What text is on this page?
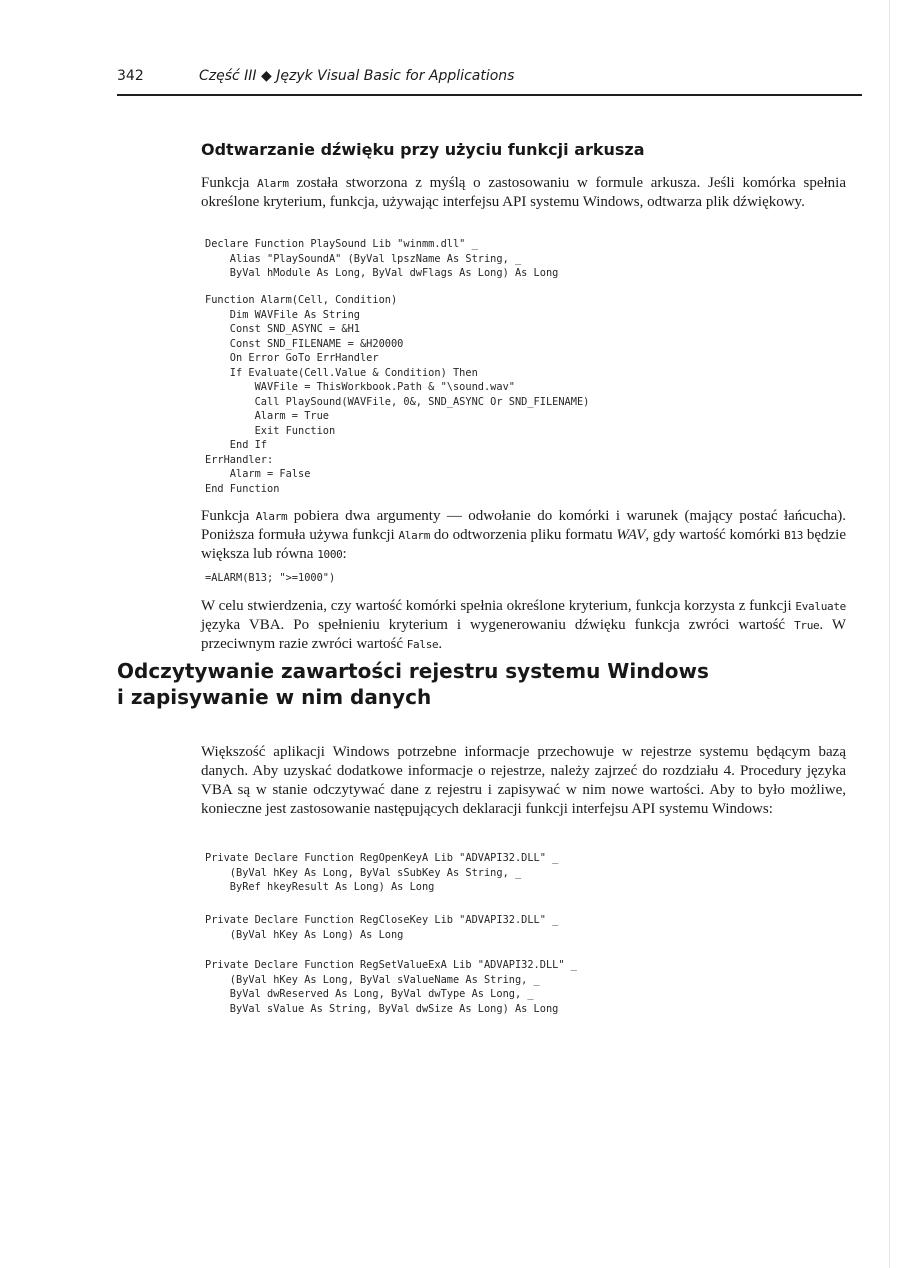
342	Część III ◆ Język Visual Basic for Applications
Odtwarzanie dźwięku przy użyciu funkcji arkusza

Funkcja Alarm została stworzona z myślą o zastosowaniu w formule arkusza. Jeśli komórka spełnia określone kryterium, funkcja, używając interfejsu API systemu Windows, odtwarza plik dźwiękowy.

Declare Function PlaySound Lib "winmm.dll" _
Alias "PlaySoundA" (ByVal lpszName As String, _
ByVal hModule As Long, ByVal dwFlags As Long) As Long
Function Alarm(Cell, Condition)
Dim WAVFile As String
Const SND_ASYNC = &H1
Const SND_FILENAME = &H20000
On Error GoTo ErrHandler
If Evaluate(Cell.Value & Condition) Then
WAVFile = ThisWorkbook.Path & "\sound.wav"
Call PlaySound(WAVFile, 0&, SND_ASYNC Or SND_FILENAME)
Alarm = True
Exit Function
End If
ErrHandler:
Alarm = False
End Function

Funkcja Alarm pobiera dwa argumenty — odwołanie do komórki i warunek (mający postać łańcucha). Poniższa formuła używa funkcji Alarm do odtworzenia pliku formatu WAV, gdy wartość komórki B13 będzie większa lub równa 1000:

=ALARM(B13; ">=1000")

W celu stwierdzenia, czy wartość komórki spełnia określone kryterium, funkcja korzysta z funkcji Evaluate języka VBA. Po spełnieniu kryterium i wygenerowaniu dźwięku funkcja zwróci wartość True. W przeciwnym razie zwróci wartość False.

Odczytywanie zawartości rejestru systemu Windows
i zapisywanie w nim danych

Większość aplikacji Windows potrzebne informacje przechowuje w rejestrze systemu będącym bazą danych. Aby uzyskać dodatkowe informacje o rejestrze, należy zajrzeć do rozdziału 4. Procedury języka VBA są w stanie odczytywać dane z rejestru i zapisywać w nim nowe wartości. Aby to było możliwe, konieczne jest zastosowanie następujących deklaracji funkcji interfejsu API systemu Windows:

Private Declare Function RegOpenKeyA Lib "ADVAPI32.DLL" _
(ByVal hKey As Long, ByVal sSubKey As String, _
ByRef hkeyResult As Long) As Long
Private Declare Function RegCloseKey Lib "ADVAPI32.DLL" _
(ByVal hKey As Long) As Long
Private Declare Function RegSetValueExA Lib "ADVAPI32.DLL" _
(ByVal hKey As Long, ByVal sValueName As String, _
ByVal dwReserved As Long, ByVal dwType As Long, _
ByVal sValue As String, ByVal dwSize As Long) As Long
